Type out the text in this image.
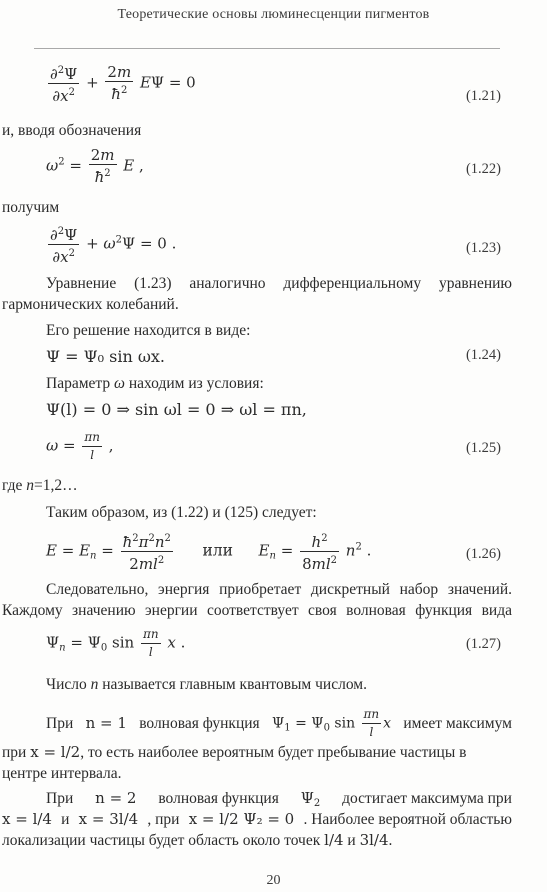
Теоретические основы люминесценции пигментов
$\frac{\partial^2\Psi}{\partial x^2} + \frac{2m}{ħ^2}$ EΨ = 0
(1.21)
и, вводя обозначения
$\omega^2 = \frac{2m}{ħ^2}$ E ,	(1.22)
получим
$\frac{\partial^2\Psi}{\partial x^2} + \omega^2\Psi = 0$ .	(1.23)
Уравнение (1.23) аналогично дифференциальному уравнению
гармонических колебаний.
Его решение находится в виде:
Ψ = Ψ₀ sin ωx.	(1.24)
Параметр ω находим из условия:
Ψ(l) = 0 ⇒ sin ωl = 0 ⇒ ωl = πn,
$\omega = \frac{\pi n}{l}$ ,	(1.25)
где n=1,2…
Таким образом, из (1.22) и (125) следует:
$E = E_n = \frac{ħ^2\pi^2n^2}{2ml^2}$ или $E_n = \frac{h^2}{8ml^2} n^2$ .	(1.26)
Следовательно, энергия приобретает дискретный набор значений.
Каждому значению энергии соответствует своя волновая функция вида
$\Psi_n = \Psi_0$ $\sin \frac{\pi n}{l}$ x .	(1.27)
Число n называется главным квантовым числом.
При n = 1 волновая функция $\Psi_1 = \Psi_0$ $\sin \frac{\pi n}{l}$ x имеет максимум
при x = l/2, то есть наиболее вероятным будет пребывание частицы в
центре интервала.
При n = 2 волновая функция $\Psi_2$ достигает максимума при
x = l/4 и x = 3l/4 , при x = l/2 Ψ₂ = 0 . Наиболее вероятной областью
локализации частицы будет область около точек l/4 и 3l/4.
20
